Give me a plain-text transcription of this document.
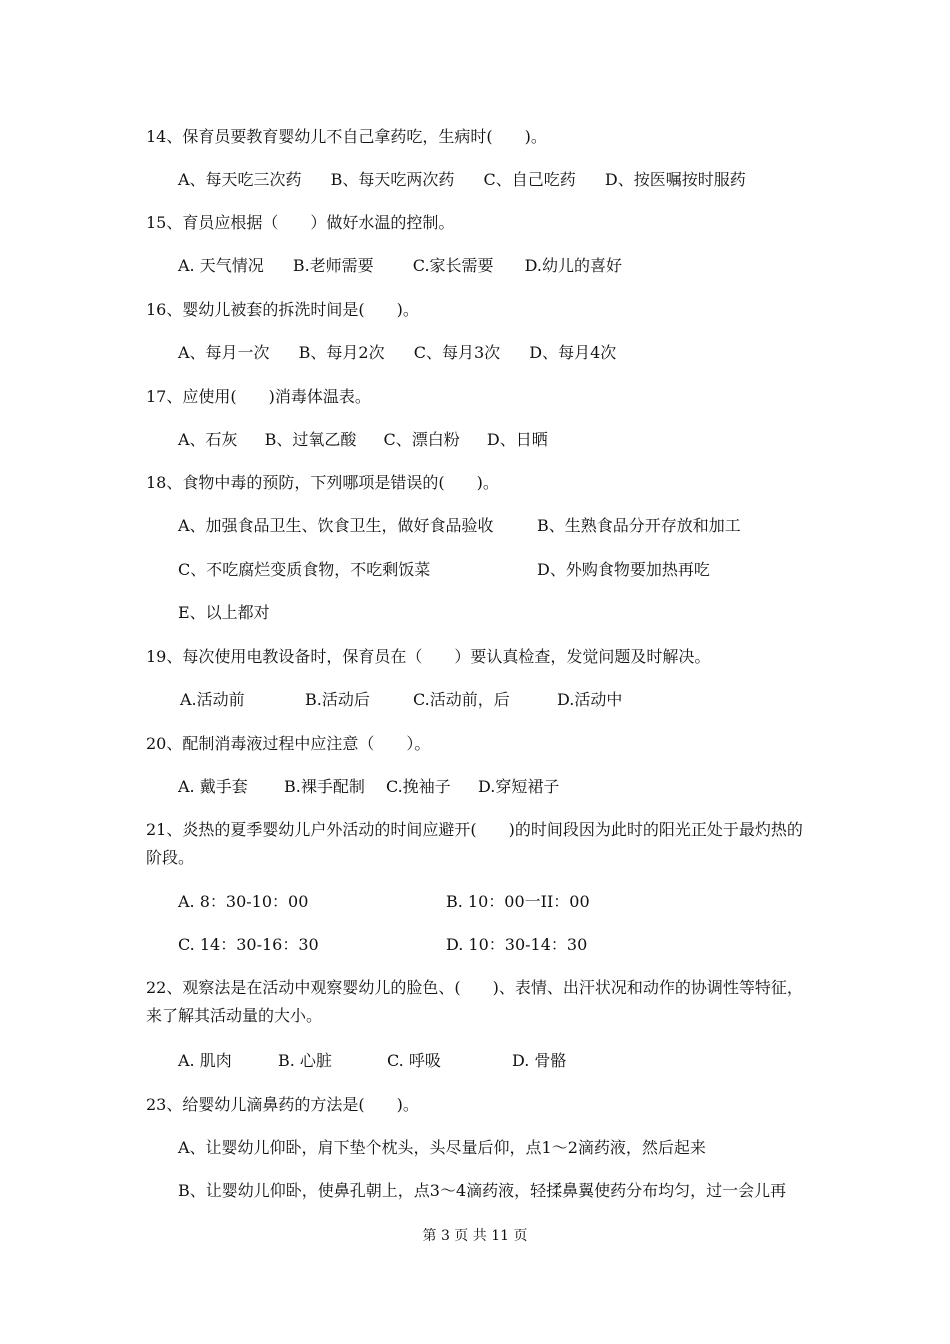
14、保育员要教育婴幼儿不自己拿药吃，生病时(　　)。
A、每天吃三次药 B、每天吃两次药 C、自己吃药 D、按医嘱按时服药
15、育员应根据（　　）做好水温的控制。
A. 天气情况 B.老师需要 C.家长需要 D.幼儿的喜好
16、婴幼儿被套的拆洗时间是(　　)。
A、每月一次 B、每月2次 C、每月3次 D、每月4次
17、应使用(　　)消毒体温表。
A、石灰 B、过氧乙酸 C、漂白粉 D、日晒
18、食物中毒的预防，下列哪项是错误的(　　)。
A、加强食品卫生、饮食卫生，做好食品验收	B、生熟食品分开存放和加工
C、不吃腐烂变质食物，不吃剩饭菜	D、外购食物要加热再吃
E、以上都对
19、每次使用电教设备时，保育员在（　　）要认真检查，发觉问题及时解决。
A.活动前	B.活动后	C.活动前，后	D.活动中
20、配制消毒液过程中应注意（　　）。
A. 戴手套 B.裸手配制 C.挽袖子 D.穿短裙子
21、炎热的夏季婴幼儿户外活动的时间应避开(　　)的时间段因为此时的阳光正处于最灼热的阶段。
A. 8：30-10：00	B. 10：00一II：00
C. 14：30-16：30	D. 10：30-14：30
22、观察法是在活动中观察婴幼儿的脸色、(　　)、表情、出汗状况和动作的协调性等特征，来了解其活动量的大小。
A. 肌肉	B. 心脏	C. 呼吸	D. 骨骼
23、给婴幼儿滴鼻药的方法是(　　)。
A、让婴幼儿仰卧，肩下垫个枕头，头尽量后仰，点1～2滴药液，然后起来
B、让婴幼儿仰卧，使鼻孔朝上，点3～4滴药液，轻揉鼻翼使药分布均匀，过一会儿再
第 3 页 共 11 页
